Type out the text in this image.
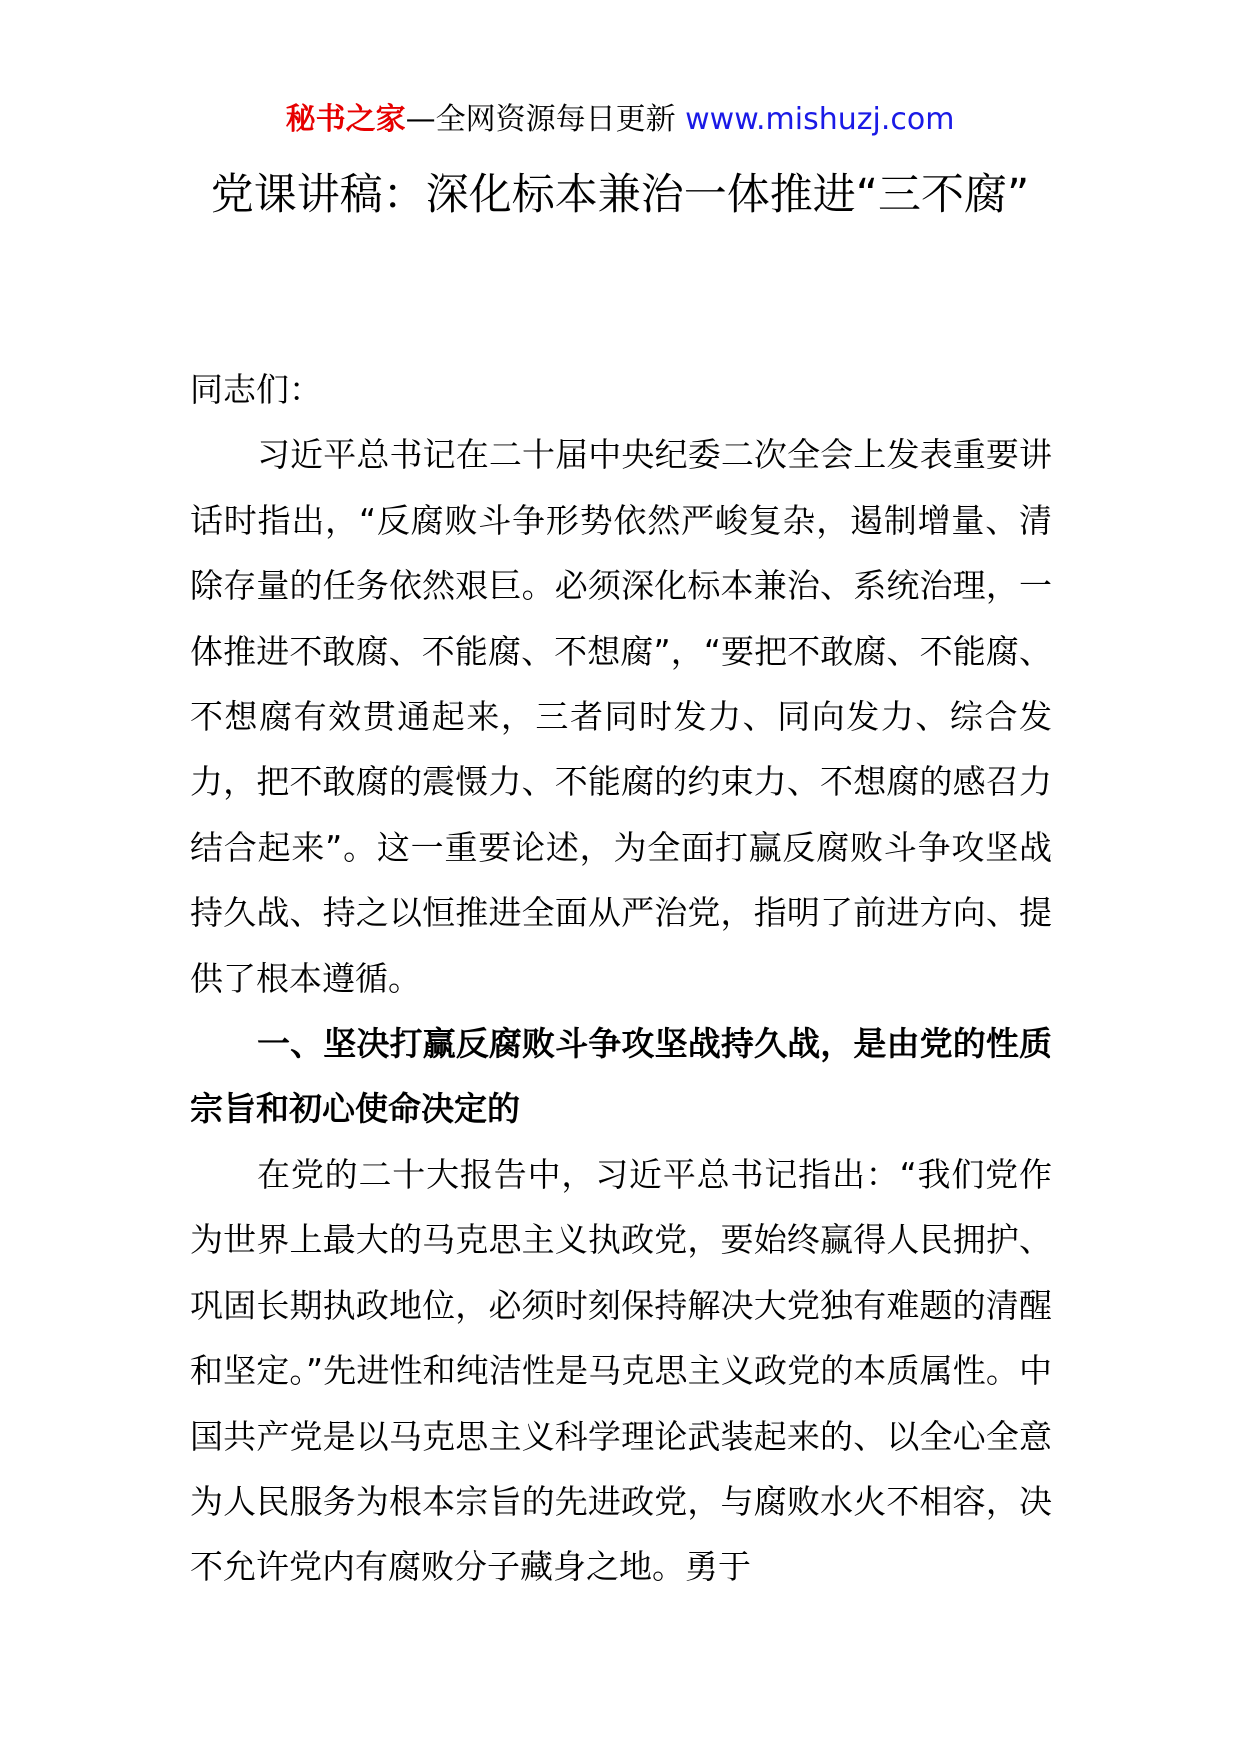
秘书之家—全网资源每日更新 www.mishuzj.com
党课讲稿：深化标本兼治一体推进“三不腐”

同志们：

习近平总书记在二十届中央纪委二次全会上发表重要讲话时指出，“反腐败斗争形势依然严峻复杂，遏制增量、清除存量的任务依然艰巨。必须深化标本兼治、系统治理，一体推进不敢腐、不能腐、不想腐”，“要把不敢腐、不能腐、不想腐有效贯通起来，三者同时发力、同向发力、综合发力，把不敢腐的震慑力、不能腐的约束力、不想腐的感召力结合起来”。这一重要论述，为全面打赢反腐败斗争攻坚战持久战、持之以恒推进全面从严治党，指明了前进方向、提供了根本遵循。

一、坚决打赢反腐败斗争攻坚战持久战，是由党的性质宗旨和初心使命决定的

在党的二十大报告中，习近平总书记指出：“我们党作为世界上最大的马克思主义执政党，要始终赢得人民拥护、巩固长期执政地位，必须时刻保持解决大党独有难题的清醒和坚定。”先进性和纯洁性是马克思主义政党的本质属性。中国共产党是以马克思主义科学理论武装起来的、以全心全意为人民服务为根本宗旨的先进政党，与腐败水火不相容，决不允许党内有腐败分子藏身之地。勇于
